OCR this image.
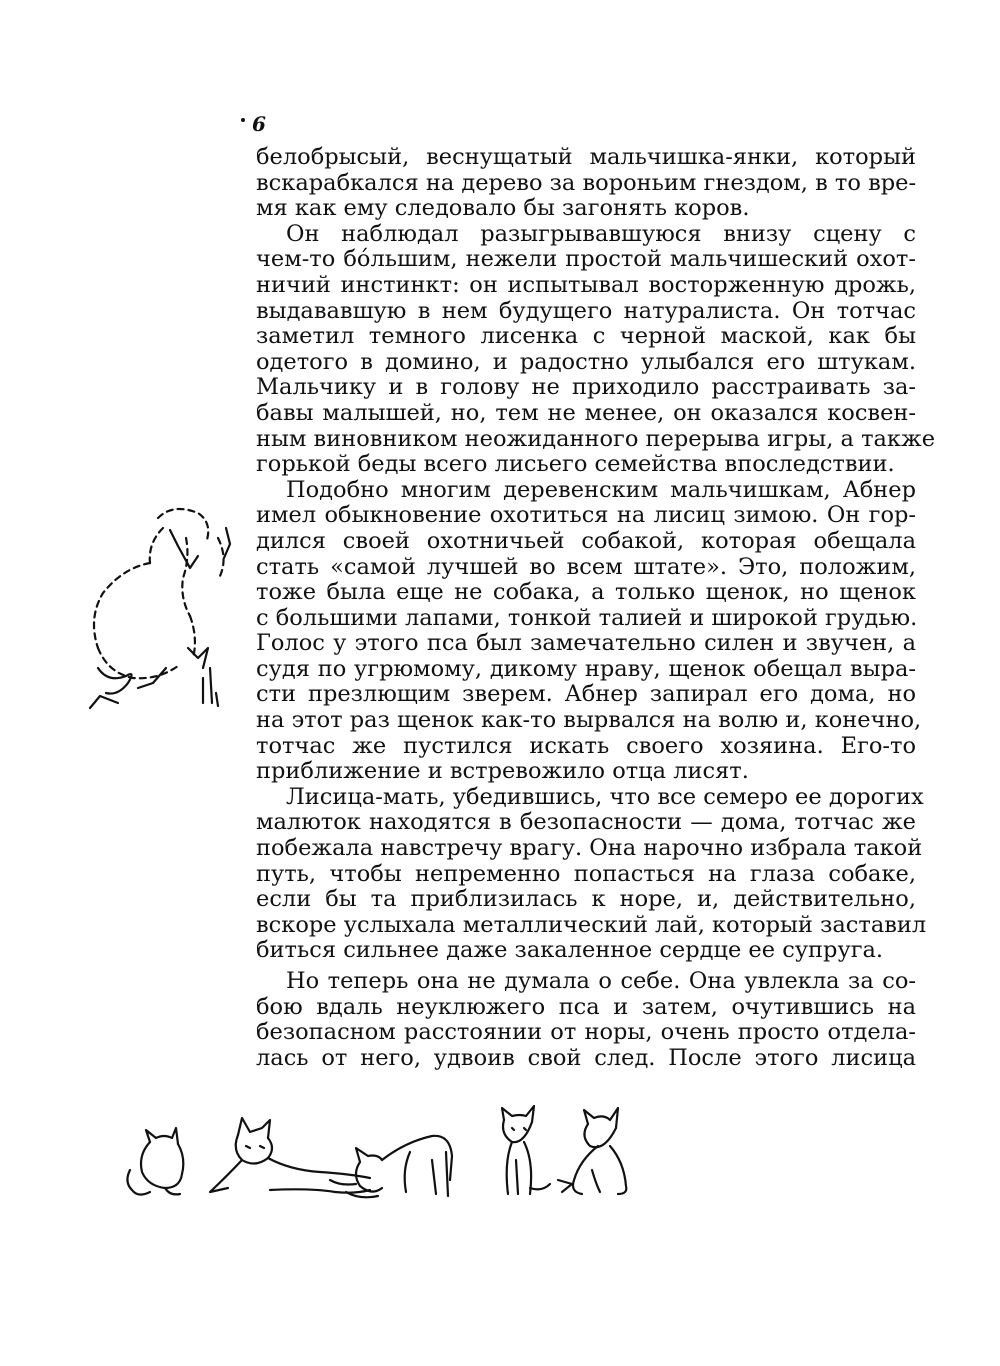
6
белобрысый, веснущатый мальчишка-янки, который
вскарабкался на дерево за вороньим гнездом, в то вре-
мя как ему следовало бы загонять коров.
Он наблюдал разыгрывавшуюся внизу сцену с
чем-то бо́льшим, нежели простой мальчишеский охот-
ничий инстинкт: он испытывал восторженную дрожь,
выдававшую в нем будущего натуралиста. Он тотчас
заметил темного лисенка с черной маской, как бы
одетого в домино, и радостно улыбался его штукам.
Мальчику и в голову не приходило расстраивать за-
бавы малышей, но, тем не менее, он оказался косвен-
ным виновником неожиданного перерыва игры, а также
горькой беды всего лисьего семейства впоследствии.
Подобно многим деревенским мальчишкам, Абнер
имел обыкновение охотиться на лисиц зимою. Он гор-
дился своей охотничьей собакой, которая обещала
стать «самой лучшей во всем штате». Это, положим,
тоже была еще не собака, а только щенок, но щенок
с большими лапами, тонкой талией и широкой грудью.
Голос у этого пса был замечательно силен и звучен, а
судя по угрюмому, дикому нраву, щенок обещал выра-
сти презлющим зверем. Абнер запирал его дома, но
на этот раз щенок как-то вырвался на волю и, конечно,
тотчас же пустился искать своего хозяина. Его-то
приближение и встревожило отца лисят.
Лисица-мать, убедившись, что все семеро ее дорогих
малюток находятся в безопасности — дома, тотчас же
побежала навстречу врагу. Она нарочно избрала такой
путь, чтобы непременно попасться на глаза собаке,
если бы та приблизилась к норе, и, действительно,
вскоре услыхала металлический лай, который заставил
биться сильнее даже закаленное сердце ее супруга.
Но теперь она не думала о себе. Она увлекла за со-
бою вдаль неуклюжего пса и затем, очутившись на
безопасном расстоянии от норы, очень просто отдела-
лась от него, удвоив свой след. После этого лисица
